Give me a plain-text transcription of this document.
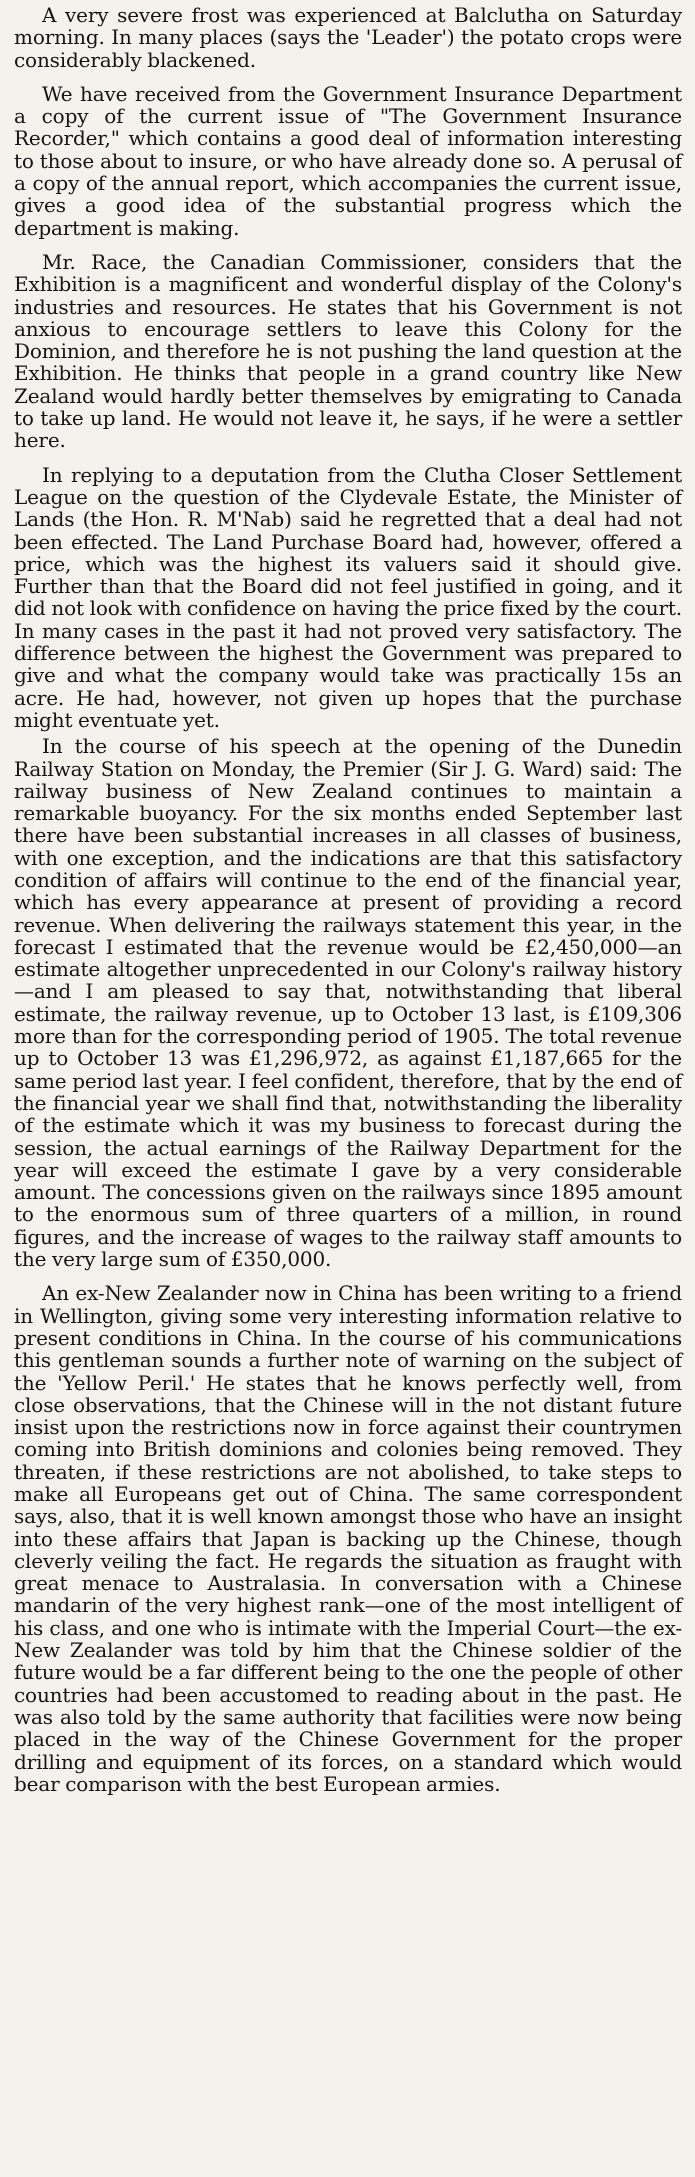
A very severe frost was experienced at Balclutha on Saturday morning. In many places (says the 'Leader') the potato crops were considerably blackened.

We have received from the Government Insurance Department a copy of the current issue of "The Government Insurance Recorder," which contains a good deal of information interesting to those about to insure, or who have already done so. A perusal of a copy of the annual report, which accompanies the current issue, gives a good idea of the substantial progress which the department is making.

Mr. Race, the Canadian Commissioner, considers that the Exhibition is a magnificent and wonderful display of the Colony's industries and resources. He states that his Government is not anxious to encourage settlers to leave this Colony for the Dominion, and therefore he is not pushing the land question at the Exhibition. He thinks that people in a grand country like New Zealand would hardly better themselves by emigrating to Canada to take up land. He would not leave it, he says, if he were a settler here.

In replying to a deputation from the Clutha Closer Settlement League on the question of the Clydevale Estate, the Minister of Lands (the Hon. R. M'Nab) said he regretted that a deal had not been effected. The Land Purchase Board had, however, offered a price, which was the highest its valuers said it should give. Further than that the Board did not feel justified in going, and it did not look with confidence on having the price fixed by the court. In many cases in the past it had not proved very satisfactory. The difference between the highest the Government was prepared to give and what the company would take was practically 15s an acre. He had, however, not given up hopes that the purchase might eventuate yet.

In the course of his speech at the opening of the Dunedin Railway Station on Monday, the Premier (Sir J. G. Ward) said: The railway business of New Zealand continues to maintain a remarkable buoyancy. For the six months ended September last there have been substantial increases in all classes of business, with one exception, and the indications are that this satisfactory condition of affairs will continue to the end of the financial year, which has every appearance at present of providing a record revenue. When delivering the railways statement this year, in the forecast I estimated that the revenue would be £2,450,000—an estimate altogether unprecedented in our Colony's railway history—and I am pleased to say that, notwithstanding that liberal estimate, the railway revenue, up to October 13 last, is £109,306 more than for the corresponding period of 1905. The total revenue up to October 13 was £1,296,972, as against £1,187,665 for the same period last year. I feel confident, therefore, that by the end of the financial year we shall find that, notwithstanding the liberality of the estimate which it was my business to forecast during the session, the actual earnings of the Railway Department for the year will exceed the estimate I gave by a very considerable amount. The concessions given on the railways since 1895 amount to the enormous sum of three quarters of a million, in round figures, and the increase of wages to the railway staff amounts to the very large sum of £350,000.

An ex-New Zealander now in China has been writing to a friend in Wellington, giving some very interesting information relative to present conditions in China. In the course of his communications this gentleman sounds a further note of warning on the subject of the 'Yellow Peril.' He states that he knows perfectly well, from close observations, that the Chinese will in the not distant future insist upon the restrictions now in force against their countrymen coming into British dominions and colonies being removed. They threaten, if these restrictions are not abolished, to take steps to make all Europeans get out of China. The same correspondent says, also, that it is well known amongst those who have an insight into these affairs that Japan is backing up the Chinese, though cleverly veiling the fact. He regards the situation as fraught with great menace to Australasia. In conversation with a Chinese mandarin of the very highest rank—one of the most intelligent of his class, and one who is intimate with the Imperial Court—the ex-New Zealander was told by him that the Chinese soldier of the future would be a far different being to the one the people of other countries had been accustomed to reading about in the past. He was also told by the same authority that facilities were now being placed in the way of the Chinese Government for the proper drilling and equipment of its forces, on a standard which would bear comparison with the best European armies.
